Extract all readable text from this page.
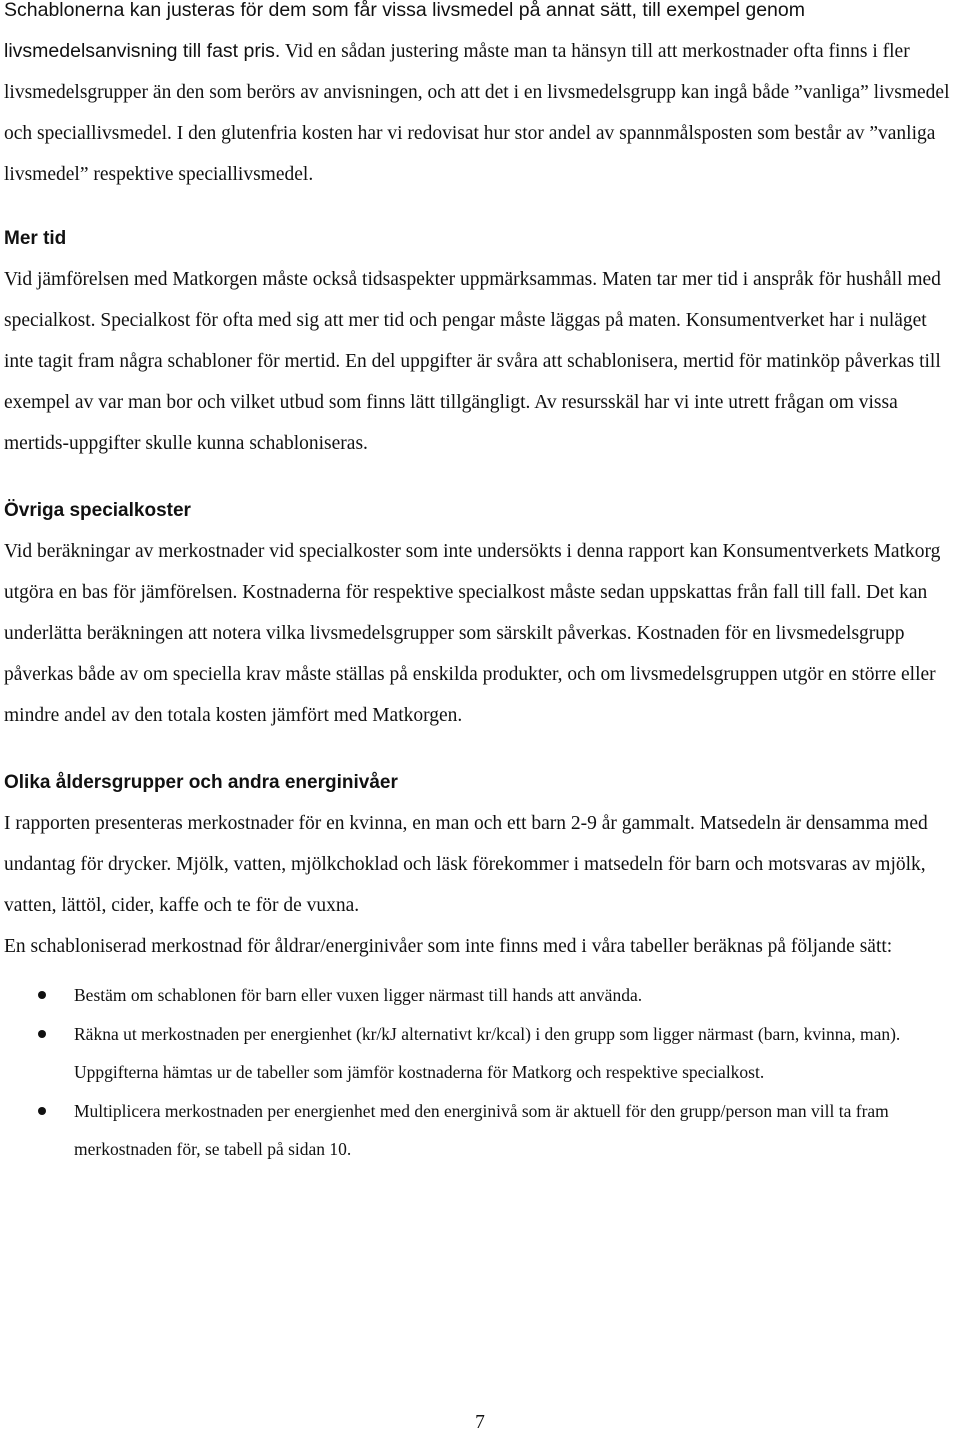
Schablonerna kan justeras för dem som får vissa livsmedel på annat sätt, till exempel genom livsmedelsanvisning till fast pris. Vid en sådan justering måste man ta hänsyn till att merkostnader ofta finns i fler livsmedelsgrupper än den som berörs av anvisningen, och att det i en livsmedelsgrupp kan ingå både ”vanliga” livsmedel och speciallivsmedel. I den glutenfria kosten har vi redovisat hur stor andel av spannmålsposten som består av ”vanliga livsmedel” respektive speciallivsmedel.

Mer tid

Vid jämförelsen med Matkorgen måste också tidsaspekter uppmärksammas. Maten tar mer tid i anspråk för hushåll med specialkost. Specialkost för ofta med sig att mer tid och pengar måste läggas på maten. Konsumentverket har i nuläget inte tagit fram några schabloner för mertid. En del uppgifter är svåra att schablonisera, mertid för matinköp påverkas till exempel av var man bor och vilket utbud som finns lätt tillgängligt. Av resursskäl har vi inte utrett frågan om vissa mertids-uppgifter skulle kunna schabloniseras.

Övriga specialkoster

Vid beräkningar av merkostnader vid specialkoster som inte undersökts i denna rapport kan Konsumentverkets Matkorg utgöra en bas för jämförelsen. Kostnaderna för respektive specialkost måste sedan uppskattas från fall till fall. Det kan underlätta beräkningen att notera vilka livsmedelsgrupper som särskilt påverkas. Kostnaden för en livsmedelsgrupp påverkas både av om speciella krav måste ställas på enskilda produkter, och om livsmedelsgruppen utgör en större eller mindre andel av den totala kosten jämfört med Matkorgen.

Olika åldersgrupper och andra energinivåer

I rapporten presenteras merkostnader för en kvinna, en man och ett barn 2-9 år gammalt. Matsedeln är densamma med undantag för drycker. Mjölk, vatten, mjölkchoklad och läsk förekommer i matsedeln för barn och motsvaras av mjölk, vatten, lättöl, cider, kaffe och te för de vuxna.

En schabloniserad merkostnad för åldrar/energinivåer som inte finns med i våra tabeller beräknas på följande sätt:

Bestäm om schablonen för barn eller vuxen ligger närmast till hands att använda.
Räkna ut merkostnaden per energienhet (kr/kJ alternativt kr/kcal) i den grupp som ligger närmast (barn, kvinna, man). Uppgifterna hämtas ur de tabeller som jämför kostnaderna för Matkorg och respektive specialkost.
Multiplicera merkostnaden per energienhet med den energinivå som är aktuell för den grupp/person man vill ta fram merkostnaden för, se tabell på sidan 10.
7
